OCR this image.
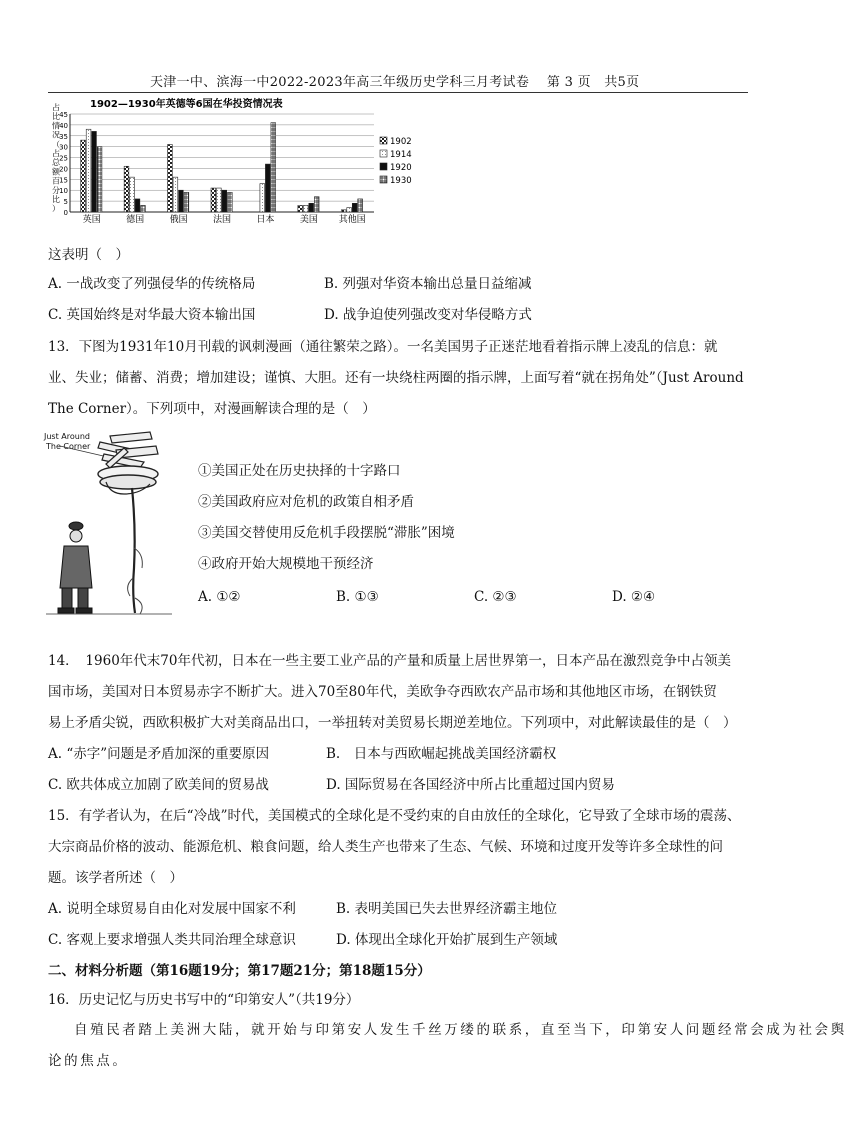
天津一中、滨海一中2022-2023年高三年级历史学科三月考试卷　 第 3 页　共5页
1902—1930年英德等6国在华投资情况表
占
比
情
况
（
占
总
额
百
分
比
） 0
5
10
15
20
25
30
35
40
45
英国	德国	俄国	法国	日本	美国 其他国
1902
1914
1920
1930
这表明（　）
A. 一战改变了列强侵华的传统格局	B. 列强对华资本输出总量日益缩减
C. 英国始终是对华最大资本输出国	D. 战争迫使列强改变对华侵略方式
13．下图为1931年10月刊载的讽刺漫画（通往繁荣之路）。一名美国男子正迷茫地看着指示牌上凌乱的信息：就
业、失业；储蓄、消费；增加建设；谨慎、大胆。还有一块绕柱两圈的指示牌，上面写着“就在拐角处”（Just Around
The Corner）。下列项中，对漫画解读合理的是（　）
Just Around
The Corner
①美国正处在历史抉择的十字路口
②美国政府应对危机的政策自相矛盾
③美国交替使用反危机手段摆脱“滞胀”困境
④政府开始大规模地干预经济
A. ①②	B. ①③	C. ②③	D. ②④
14．　1960年代末70年代初，日本在一些主要工业产品的产量和质量上居世界第一，日本产品在激烈竞争中占领美
国市场，美国对日本贸易赤字不断扩大。进入70至80年代，美欧争夺西欧农产品市场和其他地区市场，在钢铁贸
易上矛盾尖锐，西欧积极扩大对美商品出口，一举扭转对美贸易长期逆差地位。下列项中，对此解读最佳的是（　）
A. “赤字”问题是矛盾加深的重要原因	B.　日本与西欧崛起挑战美国经济霸权
C. 欧共体成立加剧了欧美间的贸易战	D. 国际贸易在各国经济中所占比重超过国内贸易
15．有学者认为，在后“冷战”时代，美国模式的全球化是不受约束的自由放任的全球化，它导致了全球市场的震荡、
大宗商品价格的波动、能源危机、粮食问题，给人类生产也带来了生态、气候、环境和过度开发等许多全球性的问
题。该学者所述（　）
A. 说明全球贸易自由化对发展中国家不利	B. 表明美国已失去世界经济霸主地位
C. 客观上要求增强人类共同治理全球意识	D. 体现出全球化开始扩展到生产领域
二、材料分析题（第16题19分；第17题21分；第18题15分）
16．历史记忆与历史书写中的“印第安人”（共19分）
自殖民者踏上美洲大陆，就开始与印第安人发生千丝万缕的联系，直至当下，印第安人问题经常会成为社会舆
论的焦点。
